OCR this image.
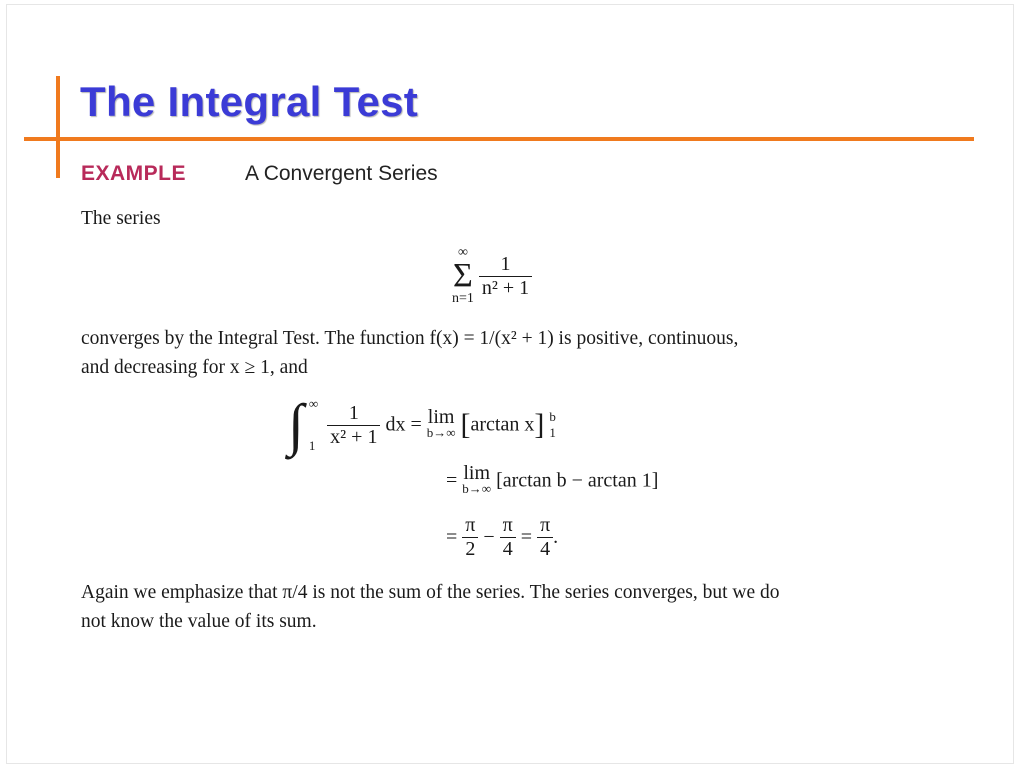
The Integral Test
EXAMPLE	A Convergent Series

The series

∞
Σ
$n=1 \frac{1}{\text{n² + 1}}$

converges by the Integral Test. The function f(x) = 1/(x² + 1) is positive, continuous,

and decreasing for x ≥ 1, and

∫ ∞

$1 \frac{1}{\text{x² + 1}}$ dx = lim
b→∞ [arctan x] b
1
= lim
b→∞ [arctan b − arctan 1]
= $\frac{\pi}{2} - \frac{\pi}{4} = \frac{\pi}{4}$ .

Again we emphasize that π/4 is not the sum of the series. The series converges, but we do

not know the value of its sum.
